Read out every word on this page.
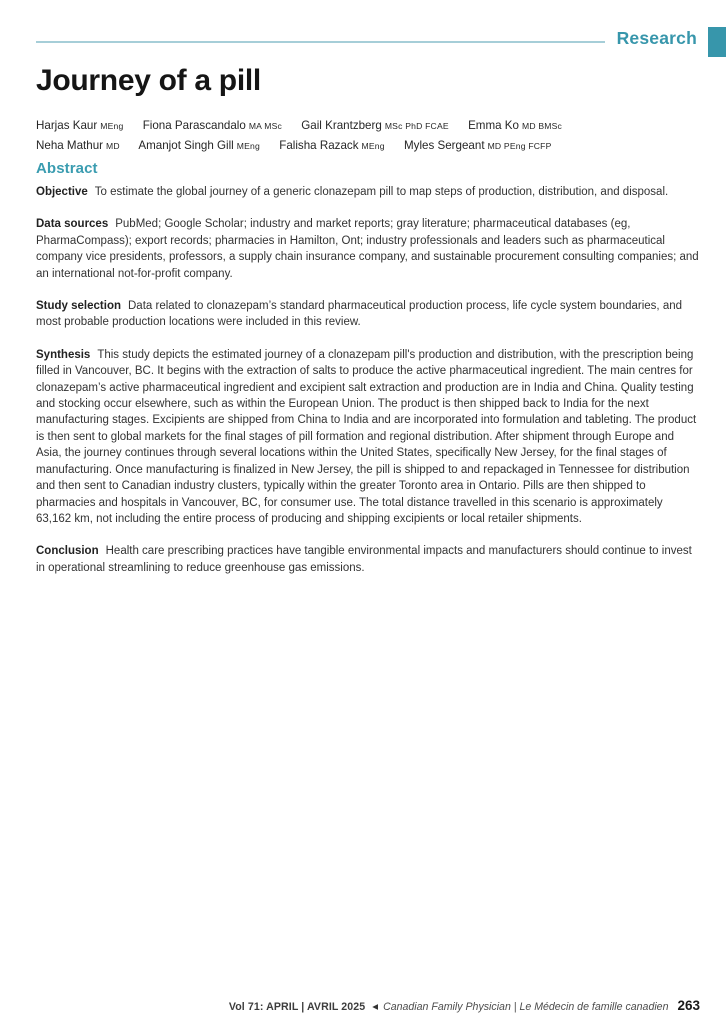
Research
Journey of a pill
Harjas Kaur MEng Fiona Parascandalo MA MSc Gail Krantzberg MSc PhD FCAE Emma Ko MD BMSc
Neha Mathur MD Amanjot Singh Gill MEng Falisha Razack MEng Myles Sergeant MD PEng FCFP
Abstract

Objective To estimate the global journey of a generic clonazepam pill to map steps of production, distribution, and disposal.

Data sources PubMed; Google Scholar; industry and market reports; gray literature; pharmaceutical databases (eg, PharmaCompass); export records; pharmacies in Hamilton, Ont; industry professionals and leaders such as pharmaceutical company vice presidents, professors, a supply chain insurance company, and sustainable procurement consulting companies; and an international not-for-profit company.

Study selection Data related to clonazepam’s standard pharmaceutical production process, life cycle system boundaries, and most probable production locations were included in this review.

Synthesis This study depicts the estimated journey of a clonazepam pill's production and distribution, with the prescription being filled in Vancouver, BC. It begins with the extraction of salts to produce the active pharmaceutical ingredient. The main centres for clonazepam’s active pharmaceutical ingredient and excipient salt extraction and production are in India and China. Quality testing and stocking occur elsewhere, such as within the European Union. The product is then shipped back to India for the next manufacturing stages. Excipients are shipped from China to India and are incorporated into formulation and tableting. The product is then sent to global markets for the final stages of pill formation and regional distribution. After shipment through Europe and Asia, the journey continues through several locations within the United States, specifically New Jersey, for the final stages of manufacturing. Once manufacturing is finalized in New Jersey, the pill is shipped to and repackaged in Tennessee for distribution and then sent to Canadian industry clusters, typically within the greater Toronto area in Ontario. Pills are then shipped to pharmacies and hospitals in Vancouver, BC, for consumer use. The total distance travelled in this scenario is approximately 63,162 km, not including the entire process of producing and shipping excipients or local retailer shipments.

Conclusion Health care prescribing practices have tangible environmental impacts and manufacturers should continue to invest in operational streamlining to reduce greenhouse gas emissions.

Vol 71: APRIL | AVRIL 2025 ◀ Canadian Family Physician | Le Médecin de famille canadien 263
